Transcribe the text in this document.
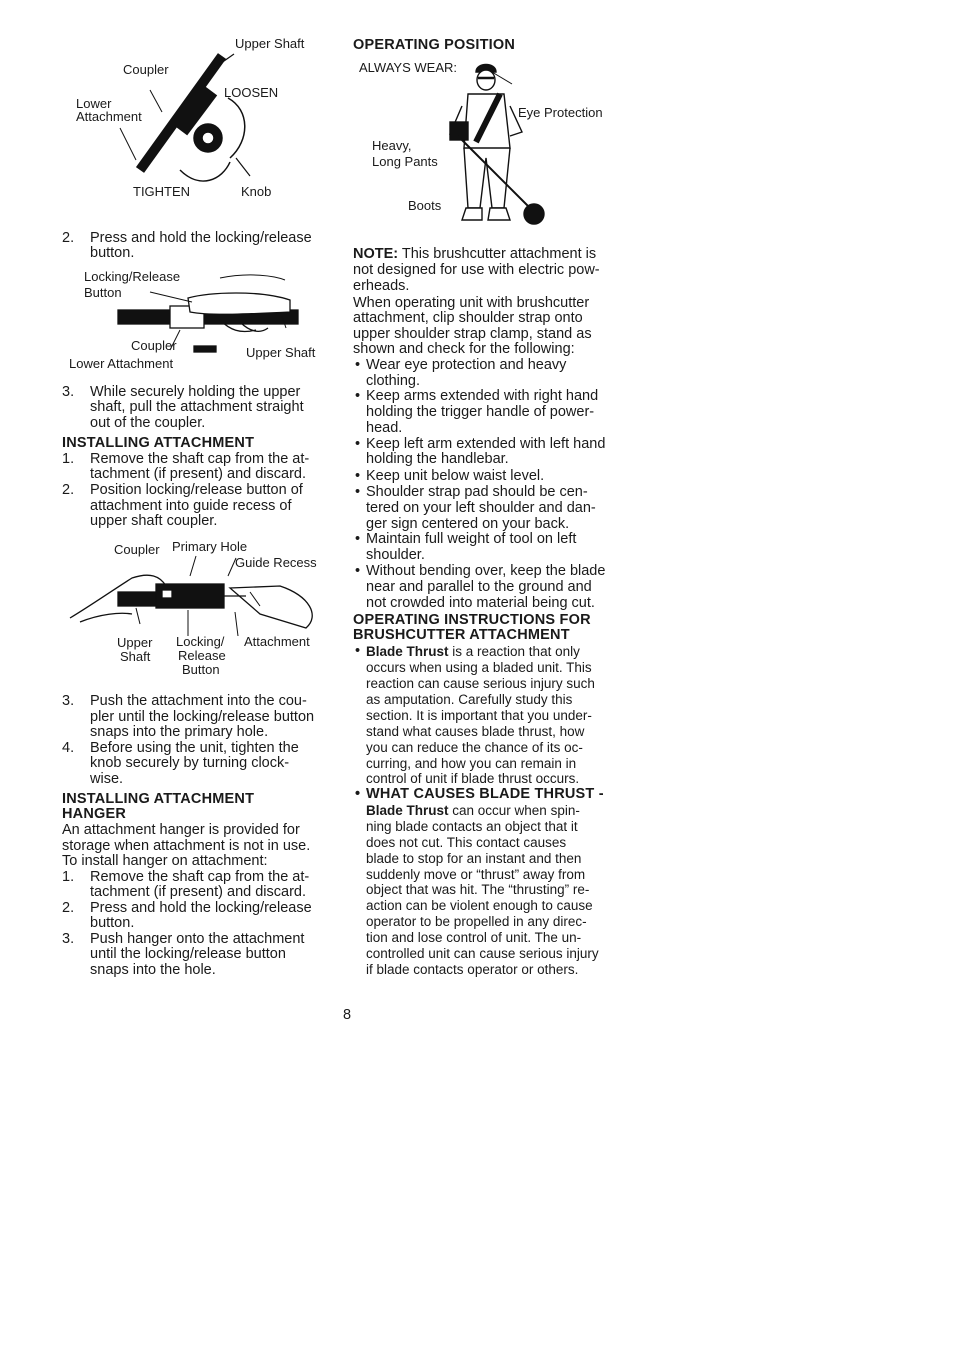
Upper Shaft
Coupler
LOOSEN
Lower
Attachment
TIGHTEN	Knob
2. Press and hold the locking/release
button.
Locking/Release
Button
Coupler	Upper Shaft
Lower Attachment
3. While securely holding the upper
shaft, pull the attachment straight
out of the coupler.
INSTALLING ATTACHMENT
1. Remove the shaft cap from the at-
tachment (if present) and discard.
2. Position locking/release button of
attachment into guide recess of
upper shaft coupler.
Coupler Primary Hole
Guide Recess
Upper
Shaft
Locking/
Release
Button
Attachment
3. Push the attachment into the cou-
pler until the locking/release button
snaps into the primary hole.
4. Before using the unit, tighten the
knob securely by turning clock-
wise.
INSTALLING ATTACHMENT
HANGER
An attachment hanger is provided for
storage when attachment is not in use.
To install hanger on attachment:
1. Remove the shaft cap from the at-
tachment (if present) and discard.
2. Press and hold the locking/release
button.
3. Push hanger onto the attachment
until the locking/release button
snaps into the hole.
OPERATING POSITION
ALWAYS WEAR:
Eye Protection
Heavy,
Long Pants
Boots
NOTE: This brushcutter attachment is
not designed for use with electric pow-
erheads.
When operating unit with brushcutter
attachment, clip shoulder strap onto
upper shoulder strap clamp, stand as
shown and check for the following:
• Wear eye protection and heavy
clothing.
• Keep arms extended with right hand
holding the trigger handle of power-
head.
• Keep left arm extended with left hand
holding the handlebar.
• Keep unit below waist level.
• Shoulder strap pad should be cen-
tered on your left shoulder and dan-
ger sign centered on your back.
• Maintain full weight of tool on left
shoulder.
• Without bending over, keep the blade
near and parallel to the ground and
not crowded into material being cut.
OPERATING INSTRUCTIONS FOR
BRUSHCUTTER ATTACHMENT
• Blade Thrust is a reaction that only
occurs when using a bladed unit. This
reaction can cause serious injury such
as amputation. Carefully study this
section. It is important that you under-
stand what causes blade thrust, how
you can reduce the chance of its oc-
curring, and how you can remain in
control of unit if blade thrust occurs.
• WHAT CAUSES BLADE THRUST -
Blade Thrust can occur when spin-
ning blade contacts an object that it
does not cut. This contact causes
blade to stop for an instant and then
suddenly move or “thrust” away from
object that was hit. The “thrusting” re-
action can be violent enough to cause
operator to be propelled in any direc-
tion and lose control of unit. The un-
controlled unit can cause serious injury
if blade contacts operator or others.
8
